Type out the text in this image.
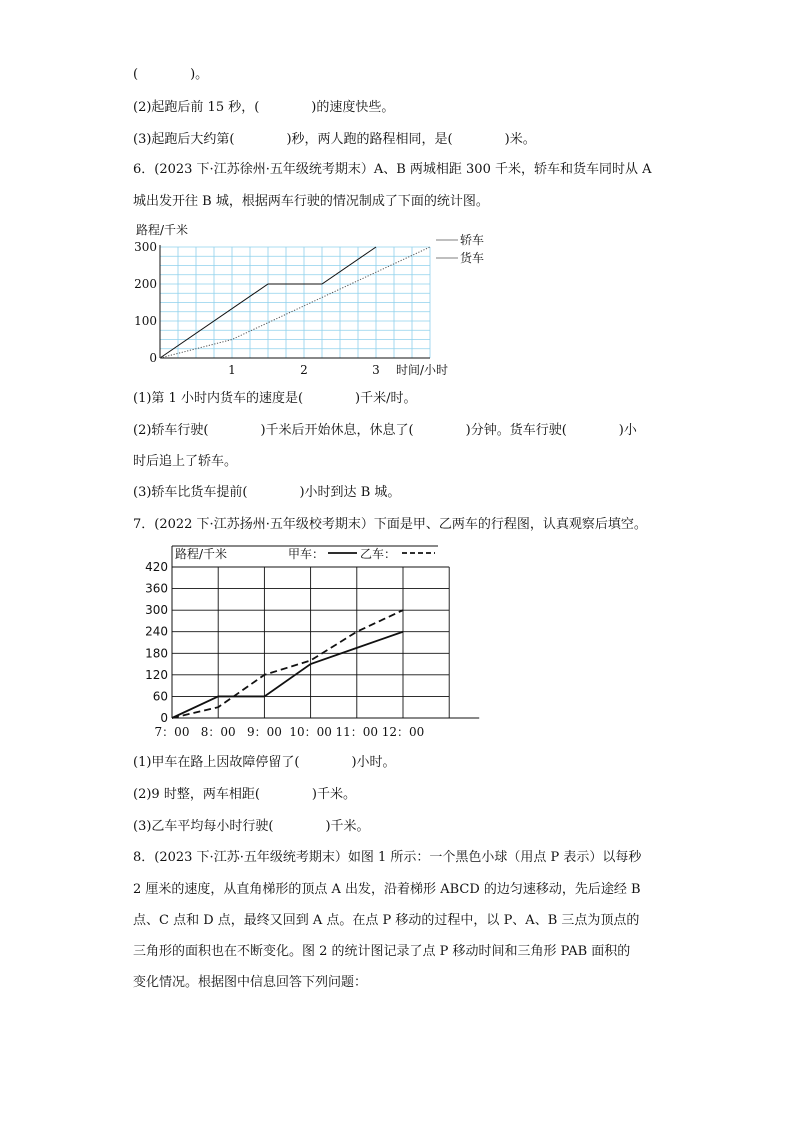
(　　　　)。
(2)起跑后前 15 秒，(　　　　)的速度快些。
(3)起跑后大约第(　　　　)秒，两人跑的路程相同，是(　　　　)米。
6．(2023 下·江苏徐州·五年级统考期末）A、B 两城相距 300 千米，轿车和货车同时从 A
城出发开往 B 城，根据两车行驶的情况制成了下面的统计图。
0
100
200
300
1	2	3 时间/小时
路程/千米
轿车
货车
(1)第 1 小时内货车的速度是(　　　　)千米/时。
(2)轿车行驶(　　　　)千米后开始休息，休息了(　　　　)分钟。货车行驶(　　　　)小
时后追上了轿车。
(3)轿车比货车提前(　　　　)小时到达 B 城。
7．(2022 下·江苏扬州·五年级校考期末）下面是甲、乙两车的行程图，认真观察后填空。
路程/千米
0
60
120
180
240
300
360
420
7：00 8：00 9：00 10：00 11：00 12：00
甲车：	乙车：
(1)甲车在路上因故障停留了(　　　　)小时。
(2)9 时整，两车相距(　　　　)千米。
(3)乙车平均每小时行驶(　　　　)千米。
8．(2023 下·江苏·五年级统考期末）如图 1 所示：一个黑色小球（用点 P 表示）以每秒
2 厘米的速度，从直角梯形的顶点 A 出发，沿着梯形 ABCD 的边匀速移动，先后途经 B
点、C 点和 D 点，最终又回到 A 点。在点 P 移动的过程中，以 P、A、B 三点为顶点的
三角形的面积也在不断变化。图 2 的统计图记录了点 P 移动时间和三角形 PAB 面积的
变化情况。根据图中信息回答下列问题：
